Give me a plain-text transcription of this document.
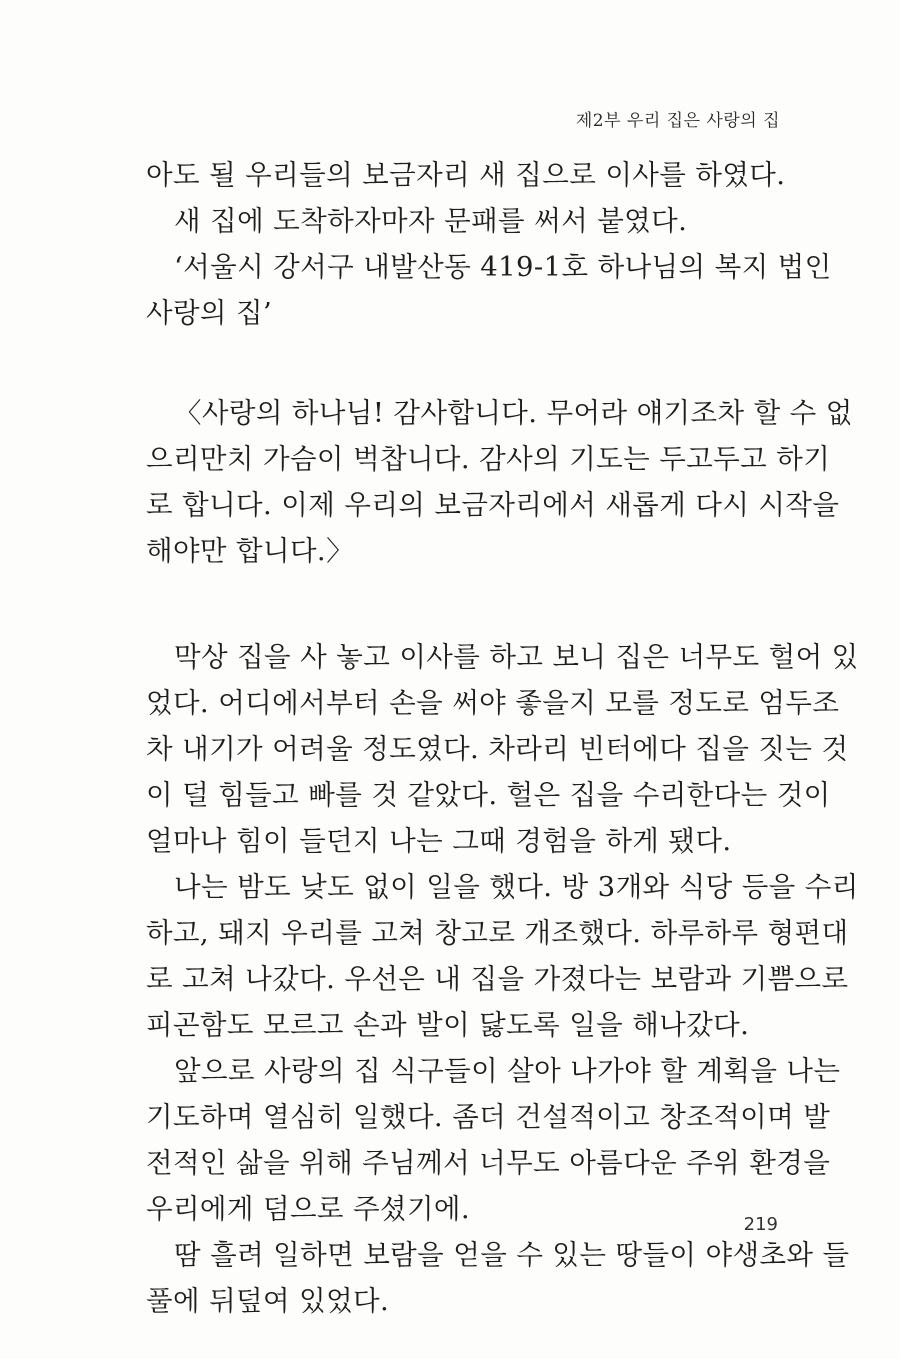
제2부 우리 집은 사랑의 집
아도 될 우리들의 보금자리 새 집으로 이사를 하였다.
새 집에 도착하자마자 문패를 써서 붙였다.
‘서울시 강서구 내발산동 419-1호 하나님의 복지 법인
사랑의 집’
〈사랑의 하나님! 감사합니다. 무어라 얘기조차 할 수 없
으리만치 가슴이 벅찹니다. 감사의 기도는 두고두고 하기
로 합니다. 이제 우리의 보금자리에서 새롭게 다시 시작을
해야만 합니다.〉
막상 집을 사 놓고 이사를 하고 보니 집은 너무도 헐어 있
었다. 어디에서부터 손을 써야 좋을지 모를 정도로 엄두조
차 내기가 어려울 정도였다. 차라리 빈터에다 집을 짓는 것
이 덜 힘들고 빠를 것 같았다. 헐은 집을 수리한다는 것이
얼마나 힘이 들던지 나는 그때 경험을 하게 됐다.
나는 밤도 낮도 없이 일을 했다. 방 3개와 식당 등을 수리
하고, 돼지 우리를 고쳐 창고로 개조했다. 하루하루 형편대
로 고쳐 나갔다. 우선은 내 집을 가졌다는 보람과 기쁨으로
피곤함도 모르고 손과 발이 닳도록 일을 해나갔다.
앞으로 사랑의 집 식구들이 살아 나가야 할 계획을 나는
기도하며 열심히 일했다. 좀더 건설적이고 창조적이며 발
전적인 삶을 위해 주님께서 너무도 아름다운 주위 환경을
우리에게 덤으로 주셨기에.
땀 흘려 일하면 보람을 얻을 수 있는 땅들이 야생초와 들
풀에 뒤덮여 있었다.
219
